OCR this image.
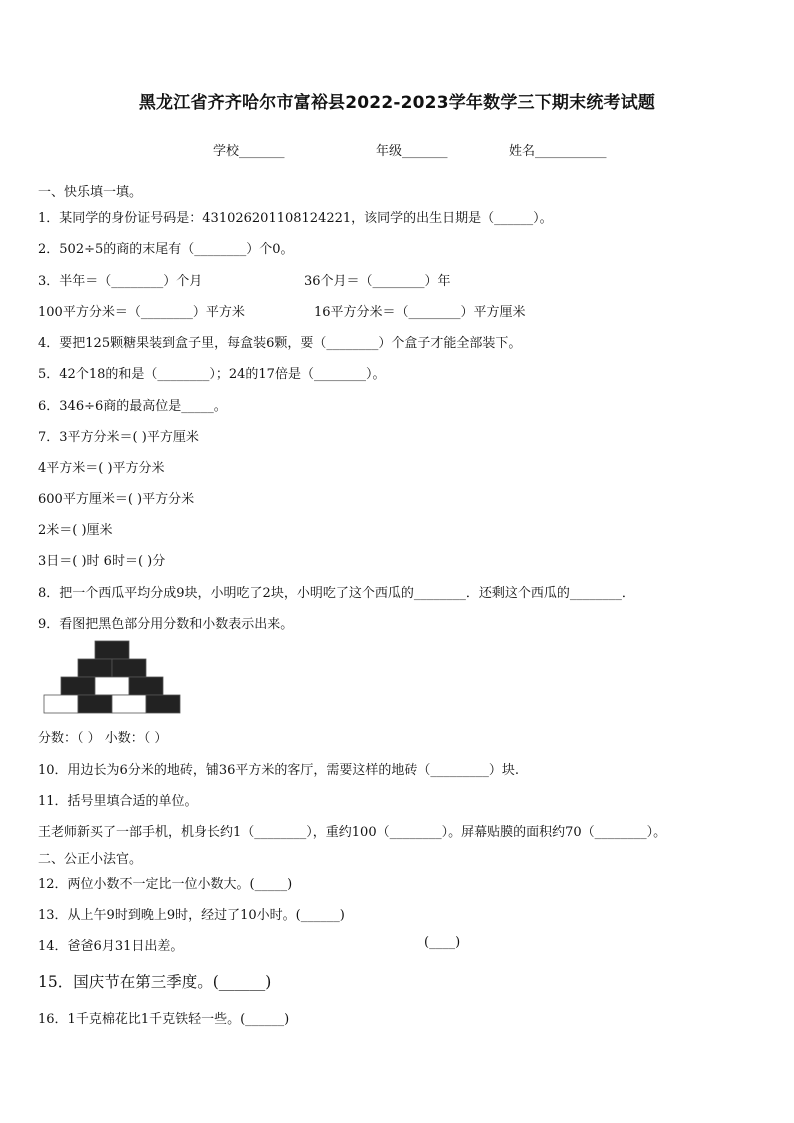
黑龙江省齐齐哈尔市富裕县2022-2023学年数学三下期末统考试题
学校_______	年级_______	姓名___________
一、快乐填一填。
1．某同学的身份证号码是：431026201108124221，该同学的出生日期是（______）。
2．502÷5的商的末尾有（________）个0。
3．半年＝（________）个月	36个月＝（________）年
100平方分米＝（________）平方米	16平方分米＝（________）平方厘米
4．要把125颗糖果装到盒子里，每盒装6颗，要（________）个盒子才能全部装下。
5．42个18的和是（________）；24的17倍是（________）。
6．346÷6商的最高位是_____。
7．3平方分米＝( )平方厘米
4平方米＝( )平方分米
600平方厘米＝( )平方分米
2米＝( )厘米
3日＝( )时 6时＝( )分
8．把一个西瓜平均分成9块，小明吃了2块，小明吃了这个西瓜的________．还剩这个西瓜的________．
9．看图把黑色部分用分数和小数表示出来。
分数：（ ） 小数：（ ）
10．用边长为6分米的地砖，铺36平方米的客厅，需要这样的地砖（_________）块.
11．括号里填合适的单位。
王老师新买了一部手机，机身长约1（________），重约100（________）。屏幕贴膜的面积约70（________）。
二、公正小法官。
12．两位小数不一定比一位小数大。(_____)
13．从上午9时到晚上9时，经过了10小时。(______)
14．爸爸6月31日出差。	(____)
15．国庆节在第三季度。(______)
16．1千克棉花比1千克铁轻一些。(______)
